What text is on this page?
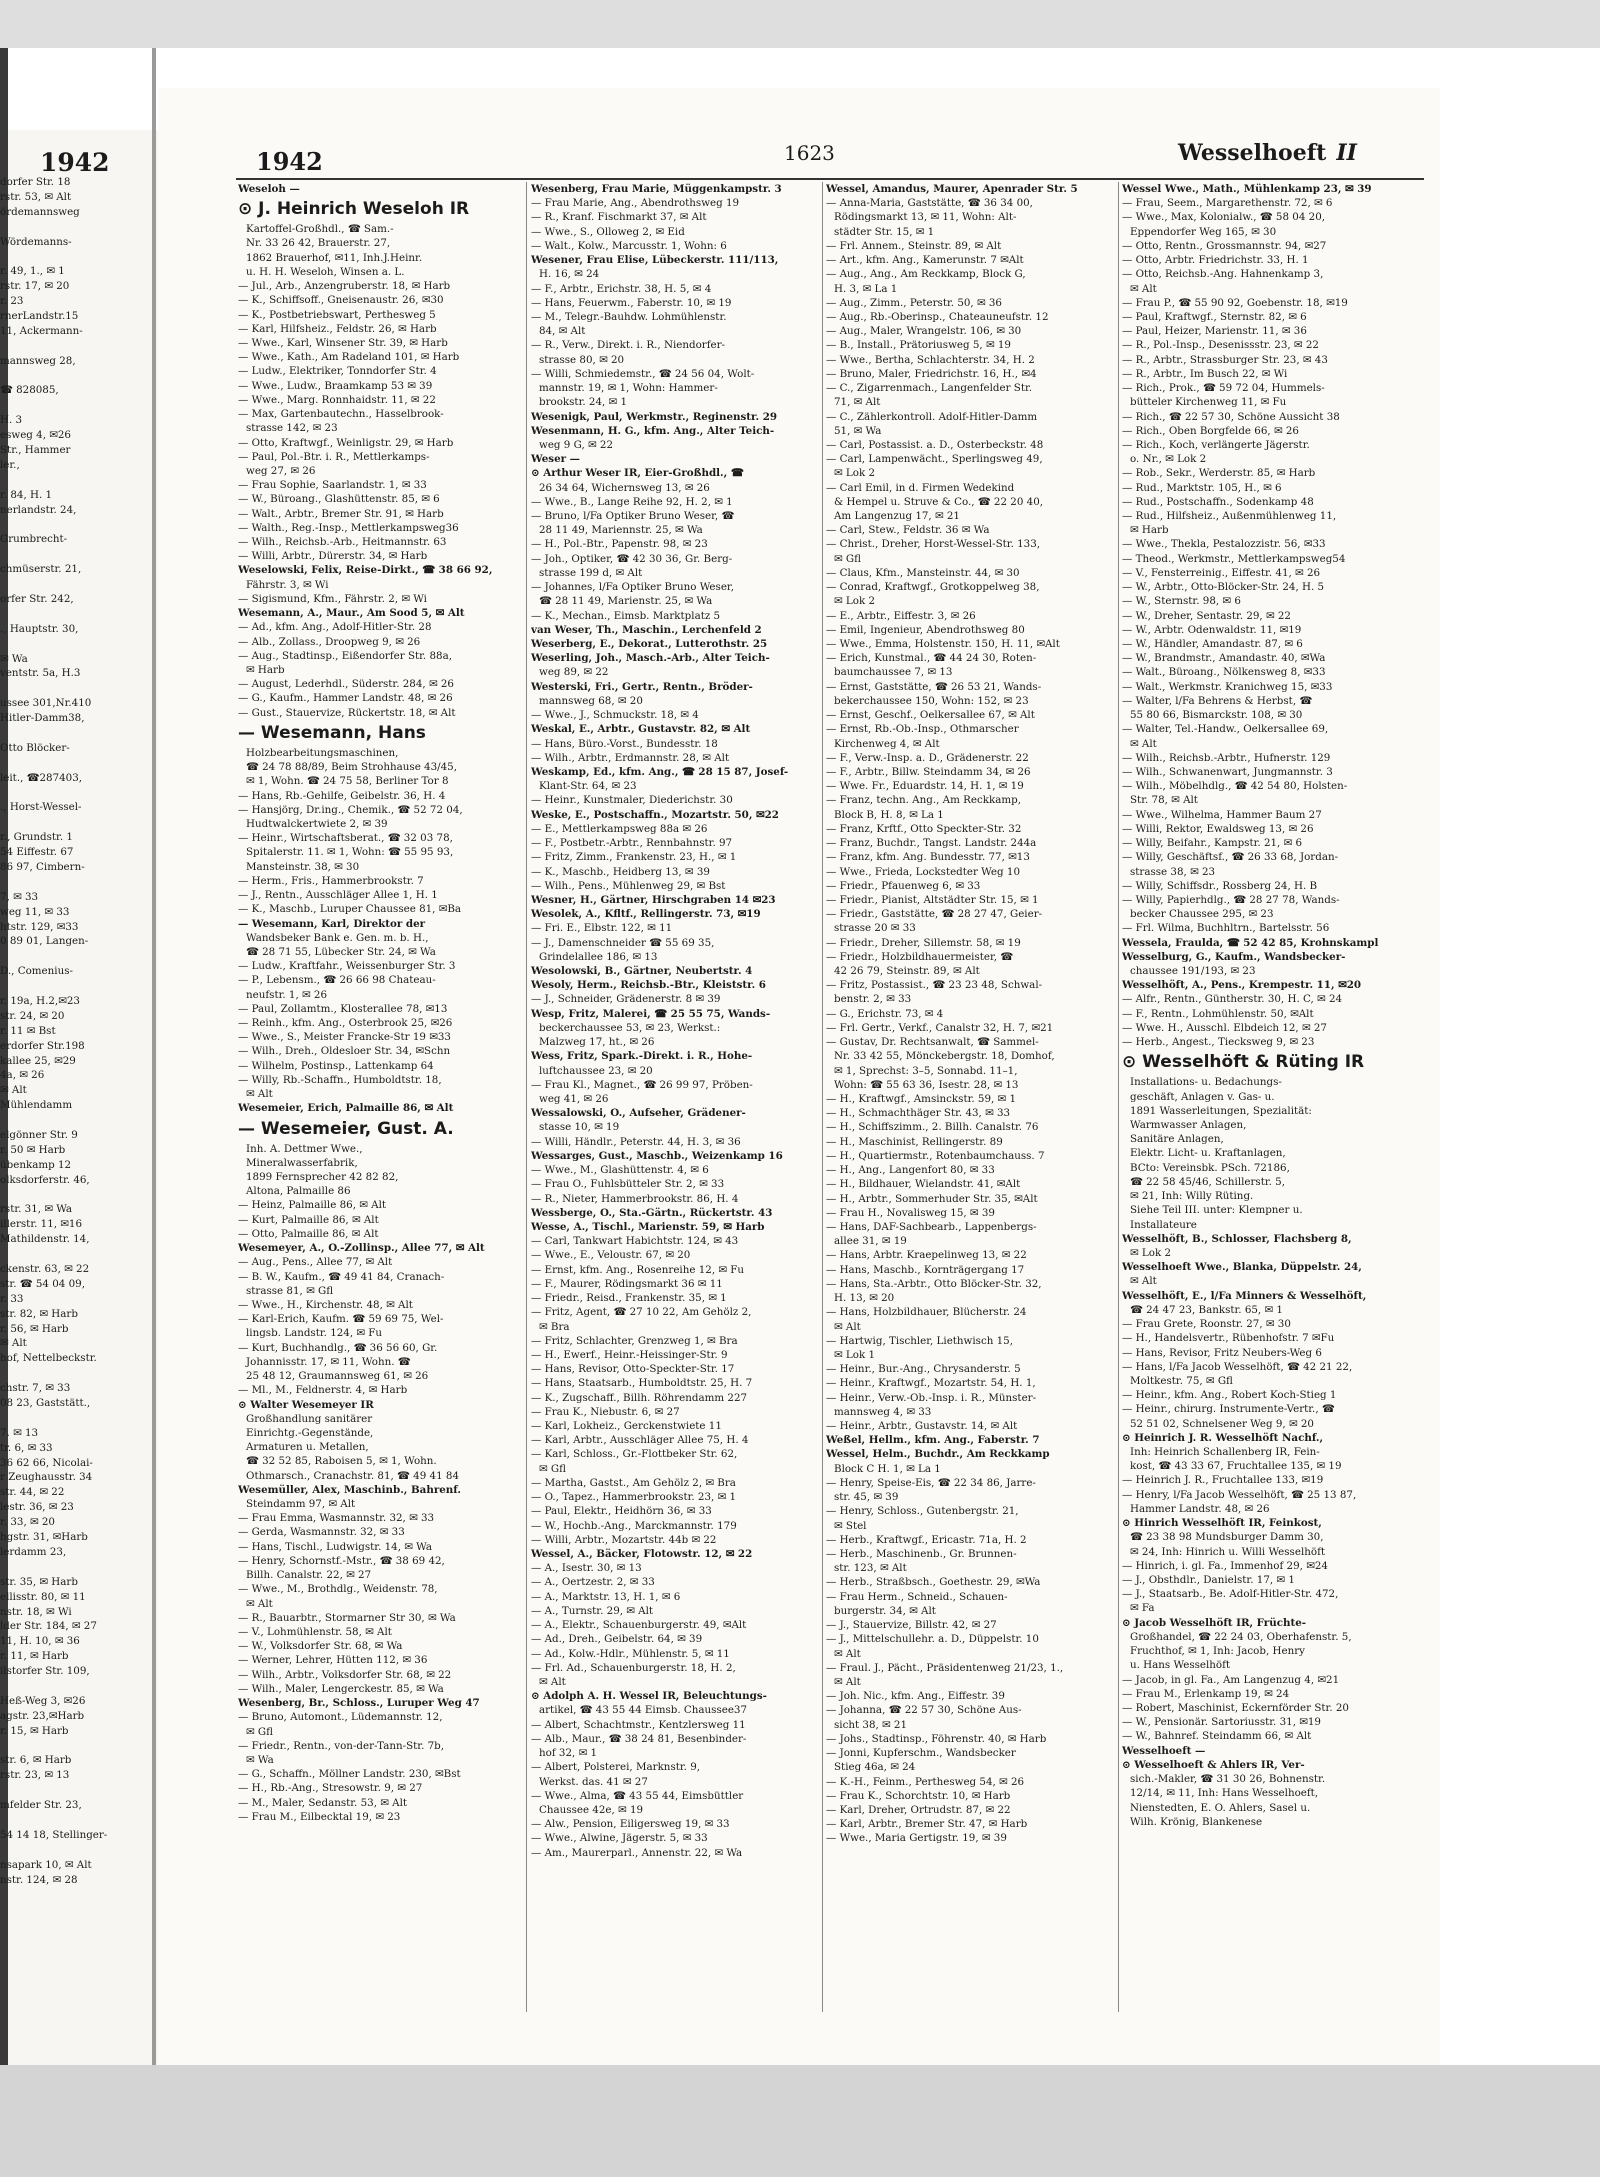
1942
dorfer Str. 18
rstr. 53, ✉ Alt
ördemannsweg
Wördemanns-
r. 49, 1., ✉ 1
rstr. 17, ✉ 20
r. 23
rnerLandstr.15
11, Ackermann-
mannsweg 28,
☎ 828085,
H. 3
esweg 4, ✉26
Str., Hammer
ler.,
r. 84, H. 1
nerlandstr. 24,
Grumbrecht-
chmüserstr. 21,
orfer Str. 242,
., Hauptstr. 30,
✉ Wa
ventstr. 5a, H.3
ussee 301,Nr.410
Hitler-Damm38,
Otto Blöcker-
leit., ☎287403,
., Horst-Wessel-
r., Grundstr. 1
54 Eiffestr. 67
86 97, Cimbern-
7, ✉ 33
weg 11, ✉ 33
htstr. 129, ✉33
0 89 01, Langen-
D., Comenius-
r. 19a, H.2,✉23
str. 24, ✉ 20
r. 11 ✉ Bst
erdorfer Str.198
kallee 25, ✉29
4a, ✉ 26
✉ Alt
Mühlendamm
elgönner Str. 9
r. 50 ✉ Harb
übenkamp 12
olksdorferstr. 46,
rstr. 31, ✉ Wa
illerstr. 11, ✉16
Mathildenstr. 14,
ckenstr. 63, ✉ 22
str. ☎ 54 04 09,
r. 33
str. 82, ✉ Harb
r. 56, ✉ Harb
✉ Alt
hof, Nettelbeckstr.
chstr. 7, ✉ 33
08 23, Gaststätt.,
7. ✉ 13
tr. 6, ✉ 33
36 62 66, Nicolai-
r Zeughausstr. 34
str. 44, ✉ 22
lestr. 36, ✉ 23
r. 33, ✉ 20
hgstr. 31, ✉Harb
lerdamm 23,
str. 35, ✉ Harb
ellisstr. 80, ✉ 11
nstr. 18, ✉ Wi
lder Str. 184, ✉ 27
11, H. 10, ✉ 36
r. 11, ✉ Harb
ilstorfer Str. 109,
Heß-Weg 3, ✉26
agstr. 23,✉Harb
r. 15, ✉ Harb
str. 6, ✉ Harb
rstr. 23, ✉ 13
mfelder Str. 23,
54 14 18, Stellinger-
nsapark 10, ✉ Alt
nstr. 124, ✉ 28
1942	1623	Wesselhoeft II
Weseloh —
⊙ J. Heinrich Weseloh IR
Kartoffel-Großhdl., ☎ Sam.-
Nr. 33 26 42, Brauerstr. 27,
1862 Brauerhof, ✉11, Inh.J.Heinr.
u. H. H. Weseloh, Winsen a. L.
— Jul., Arb., Anzengruberstr. 18, ✉ Harb
— K., Schiffsoff., Gneisenaustr. 26, ✉30
— K., Postbetriebswart, Perthesweg 5
— Karl, Hilfsheiz., Feldstr. 26, ✉ Harb
— Wwe., Karl, Winsener Str. 39, ✉ Harb
— Wwe., Kath., Am Radeland 101, ✉ Harb
— Ludw., Elektriker, Tonndorfer Str. 4
— Wwe., Ludw., Braamkamp 53 ✉ 39
— Wwe., Marg. Ronnhaidstr. 11, ✉ 22
— Max, Gartenbautechn., Hasselbrook-
strasse 142, ✉ 23
— Otto, Kraftwgf., Weinligstr. 29, ✉ Harb
— Paul, Pol.-Btr. i. R., Mettlerkamps-
weg 27, ✉ 26
— Frau Sophie, Saarlandstr. 1, ✉ 33
— W., Büroang., Glashüttenstr. 85, ✉ 6
— Walt., Arbtr., Bremer Str. 91, ✉ Harb
— Walth., Reg.-Insp., Mettlerkampsweg36
— Wilh., Reichsb.-Arb., Heitmannstr. 63
— Willi, Arbtr., Dürerstr. 34, ✉ Harb
Weselowski, Felix, Reise-Dirkt., ☎ 38 66 92,
Fährstr. 3, ✉ Wi
— Sigismund, Kfm., Fährstr. 2, ✉ Wi
Wesemann, A., Maur., Am Sood 5, ✉ Alt
— Ad., kfm. Ang., Adolf-Hitler-Str. 28
— Alb., Zollass., Droopweg 9, ✉ 26
— Aug., Stadtinsp., Eißendorfer Str. 88a,
✉ Harb
— August, Lederhdl., Süderstr. 284, ✉ 26
— G., Kaufm., Hammer Landstr. 48, ✉ 26
— Gust., Stauervize, Rückertstr. 18, ✉ Alt
— Wesemann, Hans
Holzbearbeitungsmaschinen,
☎ 24 78 88/89, Beim Strohhause 43/45,
✉ 1, Wohn. ☎ 24 75 58, Berliner Tor 8
— Hans, Rb.-Gehilfe, Geibelstr. 36, H. 4
— Hansjörg, Dr.ing., Chemik., ☎ 52 72 04,
Hudtwalckertwiete 2, ✉ 39
— Heinr., Wirtschaftsberat., ☎ 32 03 78,
Spitalerstr. 11. ✉ 1, Wohn: ☎ 55 95 93,
Mansteinstr. 38, ✉ 30
— Herm., Fris., Hammerbrookstr. 7
— J., Rentn., Ausschläger Allee 1, H. 1
— K., Maschb., Luruper Chaussee 81, ✉Ba
— Wesemann, Karl, Direktor der
Wandsbeker Bank e. Gen. m. b. H.,
☎ 28 71 55, Lübecker Str. 24, ✉ Wa
— Ludw., Kraftfahr., Weissenburger Str. 3
— P., Lebensm., ☎ 26 66 98 Chateau-
neufstr. 1, ✉ 26
— Paul, Zollamtm., Klosterallee 78, ✉13
— Reinh., kfm. Ang., Osterbrook 25, ✉26
— Wwe., S., Meister Francke-Str 19 ✉33
— Wilh., Dreh., Oldesloer Str. 34, ✉Schn
— Wilhelm, Postinsp., Lattenkamp 64
— Willy, Rb.-Schaffn., Humboldtstr. 18,
✉ Alt
Wesemeier, Erich, Palmaille 86, ✉ Alt
— Wesemeier, Gust. A.
Inh. A. Dettmer Wwe.,
Mineralwasserfabrik,
1899 Fernsprecher 42 82 82,
Altona, Palmaille 86
— Heinz, Palmaille 86, ✉ Alt
— Kurt, Palmaille 86, ✉ Alt
— Otto, Palmaille 86, ✉ Alt
Wesemeyer, A., O.-Zollinsp., Allee 77, ✉ Alt
— Aug., Pens., Allee 77, ✉ Alt
— B. W., Kaufm., ☎ 49 41 84, Cranach-
strasse 81, ✉ Gfl
— Wwe., H., Kirchenstr. 48, ✉ Alt
— Karl-Erich, Kaufm. ☎ 59 69 75, Wel-
lingsb. Landstr. 124, ✉ Fu
— Kurt, Buchhandlg., ☎ 36 56 60, Gr.
Johannisstr. 17, ✉ 11, Wohn. ☎
25 48 12, Graumannsweg 61, ✉ 26
— Ml., M., Feldnerstr. 4, ✉ Harb
⊙ Walter Wesemeyer IR
Großhandlung sanitärer
Einrichtg.-Gegenstände,
Armaturen u. Metallen,
☎ 32 52 85, Raboisen 5, ✉ 1, Wohn.
Othmarsch., Cranachstr. 81, ☎ 49 41 84
Wesemüller, Alex, Maschinb., Bahrenf.
Steindamm 97, ✉ Alt
— Frau Emma, Wasmannstr. 32, ✉ 33
— Gerda, Wasmannstr. 32, ✉ 33
— Hans, Tischl., Ludwigstr. 14, ✉ Wa
— Henry, Schornstf.-Mstr., ☎ 38 69 42,
Billh. Canalstr. 22, ✉ 27
— Wwe., M., Brothdlg., Weidenstr. 78,
✉ Alt
— R., Bauarbtr., Stormarner Str 30, ✉ Wa
— V., Lohmühlenstr. 58, ✉ Alt
— W., Volksdorfer Str. 68, ✉ Wa
— Werner, Lehrer, Hütten 112, ✉ 36
— Wilh., Arbtr., Volksdorfer Str. 68, ✉ 22
— Wilh., Maler, Lengerckestr. 85, ✉ Wa
Wesenberg, Br., Schloss., Luruper Weg 47
— Bruno, Automont., Lüdemannstr. 12,
✉ Gfl
— Friedr., Rentn., von-der-Tann-Str. 7b,
✉ Wa
— G., Schaffn., Möllner Landstr. 230, ✉Bst
— H., Rb.-Ang., Stresowstr. 9, ✉ 27
— M., Maler, Sedanstr. 53, ✉ Alt
— Frau M., Eilbecktal 19, ✉ 23
Wesenberg, Frau Marie, Müggenkampstr. 3
— Frau Marie, Ang., Abendrothsweg 19
— R., Kranf. Fischmarkt 37, ✉ Alt
— Wwe., S., Olloweg 2, ✉ Eid
— Walt., Kolw., Marcusstr. 1, Wohn: 6
Wesener, Frau Elise, Lübeckerstr. 111/113,
H. 16, ✉ 24
— F., Arbtr., Erichstr. 38, H. 5, ✉ 4
— Hans, Feuerwm., Faberstr. 10, ✉ 19
— M., Telegr.-Bauhdw. Lohmühlenstr.
84, ✉ Alt
— R., Verw., Direkt. i. R., Niendorfer-
strasse 80, ✉ 20
— Willi, Schmiedemstr., ☎ 24 56 04, Wolt-
mannstr. 19, ✉ 1, Wohn: Hammer-
brookstr. 24, ✉ 1
Wesenigk, Paul, Werkmstr., Reginenstr. 29
Wesenmann, H. G., kfm. Ang., Alter Teich-
weg 9 G, ✉ 22
Weser —
⊙ Arthur Weser IR, Eier-Großhdl., ☎
26 34 64, Wichernsweg 13, ✉ 26
— Wwe., B., Lange Reihe 92, H. 2, ✉ 1
— Bruno, l/Fa Optiker Bruno Weser, ☎
28 11 49, Mariennstr. 25, ✉ Wa
— H., Pol.-Btr., Papenstr. 98, ✉ 23
— Joh., Optiker, ☎ 42 30 36, Gr. Berg-
strasse 199 d, ✉ Alt
— Johannes, l/Fa Optiker Bruno Weser,
☎ 28 11 49, Marienstr. 25, ✉ Wa
— K., Mechan., Eimsb. Marktplatz 5
van Weser, Th., Maschin., Lerchenfeld 2
Weserberg, E., Dekorat., Lutterothstr. 25
Weserling, Joh., Masch.-Arb., Alter Teich-
weg 89, ✉ 22
Westerski, Fri., Gertr., Rentn., Bröder-
mannsweg 68, ✉ 20
— Wwe., J., Schmuckstr. 18, ✉ 4
Weskal, E., Arbtr., Gustavstr. 82, ✉ Alt
— Hans, Büro.-Vorst., Bundesstr. 18
— Wilh., Arbtr., Erdmannstr. 28, ✉ Alt
Weskamp, Ed., kfm. Ang., ☎ 28 15 87, Josef-
Klant-Str. 64, ✉ 23
— Heinr., Kunstmaler, Diederichstr. 30
Weske, E., Postschaffn., Mozartstr. 50, ✉22
— E., Mettlerkampsweg 88a ✉ 26
— F., Postbetr.-Arbtr., Rennbahnstr. 97
— Fritz, Zimm., Frankenstr. 23, H., ✉ 1
— K., Maschb., Heidberg 13, ✉ 39
— Wilh., Pens., Mühlenweg 29, ✉ Bst
Wesner, H., Gärtner, Hirschgraben 14 ✉23
Wesolek, A., Kfltf., Rellingerstr. 73, ✉19
— Fri. E., Elbstr. 122, ✉ 11
— J., Damenschneider ☎ 55 69 35,
Grindelallee 186, ✉ 13
Wesolowski, B., Gärtner, Neubertstr. 4
Wesoly, Herm., Reichsb.-Btr., Kleiststr. 6
— J., Schneider, Grädenerstr. 8 ✉ 39
Wesp, Fritz, Malerei, ☎ 25 55 75, Wands-
beckerchaussee 53, ✉ 23, Werkst.:
Malzweg 17, ht., ✉ 26
Wess, Fritz, Spark.-Direkt. i. R., Hohe-
luftchaussee 23, ✉ 20
— Frau Kl., Magnet., ☎ 26 99 97, Pröben-
weg 41, ✉ 26
Wessalowski, O., Aufseher, Grädener-
stasse 10, ✉ 19
— Willi, Händlr., Peterstr. 44, H. 3, ✉ 36
Wessarges, Gust., Maschb., Weizenkamp 16
— Wwe., M., Glashüttenstr. 4, ✉ 6
— Frau O., Fuhlsbütteler Str. 2, ✉ 33
— R., Nieter, Hammerbrookstr. 86, H. 4
Wessberge, O., Sta.-Gärtn., Rückertstr. 43
Wesse, A., Tischl., Marienstr. 59, ✉ Harb
— Carl, Tankwart Habichtstr. 124, ✉ 43
— Wwe., E., Veloustr. 67, ✉ 20
— Ernst, kfm. Ang., Rosenreihe 12, ✉ Fu
— F., Maurer, Rödingsmarkt 36 ✉ 11
— Friedr., Reisd., Frankenstr. 35, ✉ 1
— Fritz, Agent, ☎ 27 10 22, Am Gehölz 2,
✉ Bra
— Fritz, Schlachter, Grenzweg 1, ✉ Bra
— H., Ewerf., Heinr.-Heissinger-Str. 9
— Hans, Revisor, Otto-Speckter-Str. 17
— Hans, Staatsarb., Humboldtstr. 25, H. 7
— K., Zugschaff., Billh. Röhrendamm 227
— Frau K., Niebustr. 6, ✉ 27
— Karl, Lokheiz., Gerckenstwiete 11
— Karl, Arbtr., Ausschläger Allee 75, H. 4
— Karl, Schloss., Gr.-Flottbeker Str. 62,
✉ Gfl
— Martha, Gastst., Am Gehölz 2, ✉ Bra
— O., Tapez., Hammerbrookstr. 23, ✉ 1
— Paul, Elektr., Heidhörn 36, ✉ 33
— W., Hochb.-Ang., Marckmannstr. 179
— Willi, Arbtr., Mozartstr. 44b ✉ 22
Wessel, A., Bäcker, Flotowstr. 12, ✉ 22
— A., Isestr. 30, ✉ 13
— A., Oertzestr. 2, ✉ 33
— A., Marktstr. 13, H. 1, ✉ 6
— A., Turnstr. 29, ✉ Alt
— A., Elektr., Schauenburgerstr. 49, ✉Alt
— Ad., Dreh., Geibelstr. 64, ✉ 39
— Ad., Kolw.-Hdlr., Mühlenstr. 5, ✉ 11
— Frl. Ad., Schauenburgerstr. 18, H. 2,
✉ Alt
⊙ Adolph A. H. Wessel IR, Beleuchtungs-
artikel, ☎ 43 55 44 Eimsb. Chaussee37
— Albert, Schachtmstr., Kentzlersweg 11
— Alb., Maur., ☎ 38 24 81, Besenbinder-
hof 32, ✉ 1
— Albert, Polsterei, Marknstr. 9,
Werkst. das. 41 ✉ 27
— Wwe., Alma, ☎ 43 55 44, Eimsbüttler
Chaussee 42e, ✉ 19
— Alw., Pension, Eiligersweg 19, ✉ 33
— Wwe., Alwine, Jägerstr. 5, ✉ 33
— Am., Maurerparl., Annenstr. 22, ✉ Wa
Wessel, Amandus, Maurer, Apenrader Str. 5
— Anna-Maria, Gaststätte, ☎ 36 34 00,
Rödingsmarkt 13, ✉ 11, Wohn: Alt-
städter Str. 15, ✉ 1
— Frl. Annem., Steinstr. 89, ✉ Alt
— Art., kfm. Ang., Kamerunstr. 7 ✉Alt
— Aug., Ang., Am Reckkamp, Block G,
H. 3, ✉ La 1
— Aug., Zimm., Peterstr. 50, ✉ 36
— Aug., Rb.-Oberinsp., Chateauneufstr. 12
— Aug., Maler, Wrangelstr. 106, ✉ 30
— B., Install., Prätoriusweg 5, ✉ 19
— Wwe., Bertha, Schlachterstr. 34, H. 2
— Bruno, Maler, Friedrichstr. 16, H., ✉4
— C., Zigarrenmach., Langenfelder Str.
71, ✉ Alt
— C., Zählerkontroll. Adolf-Hitler-Damm
51, ✉ Wa
— Carl, Postassist. a. D., Osterbeckstr. 48
— Carl, Lampenwächt., Sperlingsweg 49,
✉ Lok 2
— Carl Emil, in d. Firmen Wedekind
& Hempel u. Struve & Co., ☎ 22 20 40,
Am Langenzug 17, ✉ 21
— Carl, Stew., Feldstr. 36 ✉ Wa
— Christ., Dreher, Horst-Wessel-Str. 133,
✉ Gfl
— Claus, Kfm., Mansteinstr. 44, ✉ 30
— Conrad, Kraftwgf., Grotkoppelweg 38,
✉ Lok 2
— E., Arbtr., Eiffestr. 3, ✉ 26
— Emil, Ingenieur, Abendrothsweg 80
— Wwe., Emma, Holstenstr. 150, H. 11, ✉Alt
— Erich, Kunstmal., ☎ 44 24 30, Roten-
baumchaussee 7, ✉ 13
— Ernst, Gaststätte, ☎ 26 53 21, Wands-
bekerchaussee 150, Wohn: 152, ✉ 23
— Ernst, Geschf., Oelkersallee 67, ✉ Alt
— Ernst, Rb.-Ob.-Insp., Othmarscher
Kirchenweg 4, ✉ Alt
— F., Verw.-Insp. a. D., Grädenerstr. 22
— F., Arbtr., Billw. Steindamm 34, ✉ 26
— Wwe. Fr., Eduardstr. 14, H. 1, ✉ 19
— Franz, techn. Ang., Am Reckkamp,
Block B, H. 8, ✉ La 1
— Franz, Krftf., Otto Speckter-Str. 32
— Franz, Buchdr., Tangst. Landstr. 244a
— Franz, kfm. Ang. Bundesstr. 77, ✉13
— Wwe., Frieda, Lockstedter Weg 10
— Friedr., Pfauenweg 6, ✉ 33
— Friedr., Pianist, Altstädter Str. 15, ✉ 1
— Friedr., Gaststätte, ☎ 28 27 47, Geier-
strasse 20 ✉ 33
— Friedr., Dreher, Sillemstr. 58, ✉ 19
— Friedr., Holzbildhauermeister, ☎
42 26 79, Steinstr. 89, ✉ Alt
— Fritz, Postassist., ☎ 23 23 48, Schwal-
benstr. 2, ✉ 33
— G., Erichstr. 73, ✉ 4
— Frl. Gertr., Verkf., Canalstr 32, H. 7, ✉21
— Gustav, Dr. Rechtsanwalt, ☎ Sammel-
Nr. 33 42 55, Mönckebergstr. 18, Domhof,
✉ 1, Sprechst: 3–5, Sonnabd. 11–1,
Wohn: ☎ 55 63 36, Isestr. 28, ✉ 13
— H., Kraftwgf., Amsinckstr. 59, ✉ 1
— H., Schmachthäger Str. 43, ✉ 33
— H., Schiffszimm., 2. Billh. Canalstr. 76
— H., Maschinist, Rellingerstr. 89
— H., Quartiermstr., Rotenbaumchauss. 7
— H., Ang., Langenfort 80, ✉ 33
— H., Bildhauer, Wielandstr. 41, ✉Alt
— H., Arbtr., Sommerhuder Str. 35, ✉Alt
— Frau H., Novalisweg 15, ✉ 39
— Hans, DAF-Sachbearb., Lappenbergs-
allee 31, ✉ 19
— Hans, Arbtr. Kraepelinweg 13, ✉ 22
— Hans, Maschb., Kornträgergang 17
— Hans, Sta.-Arbtr., Otto Blöcker-Str. 32,
H. 13, ✉ 20
— Hans, Holzbildhauer, Blücherstr. 24
✉ Alt
— Hartwig, Tischler, Liethwisch 15,
✉ Lok 1
— Heinr., Bur.-Ang., Chrysanderstr. 5
— Heinr., Kraftwgf., Mozartstr. 54, H. 1,
— Heinr., Verw.-Ob.-Insp. i. R., Münster-
mannsweg 4, ✉ 33
— Heinr., Arbtr., Gustavstr. 14, ✉ Alt
Weßel, Hellm., kfm. Ang., Faberstr. 7
Wessel, Helm., Buchdr., Am Reckkamp
Block C H. 1, ✉ La 1
— Henry, Speise-Eis, ☎ 22 34 86, Jarre-
str. 45, ✉ 39
— Henry, Schloss., Gutenbergstr. 21,
✉ Stel
— Herb., Kraftwgf., Ericastr. 71a, H. 2
— Herb., Maschinenb., Gr. Brunnen-
str. 123, ✉ Alt
— Herb., Straßbsch., Goethestr. 29, ✉Wa
— Frau Herm., Schneid., Schauen-
burgerstr. 34, ✉ Alt
— J., Stauervize, Billstr. 42, ✉ 27
— J., Mittelschullehr. a. D., Düppelstr. 10
✉ Alt
— Fraul. J., Pächt., Präsidentenweg 21/23, 1.,
✉ Alt
— Joh. Nic., kfm. Ang., Eiffestr. 39
— Johanna, ☎ 22 57 30, Schöne Aus-
sicht 38, ✉ 21
— Johs., Stadtinsp., Föhrenstr. 40, ✉ Harb
— Jonni, Kupferschm., Wandsbecker
Stieg 46a, ✉ 24
— K.-H., Feinm., Perthesweg 54, ✉ 26
— Frau K., Schorchtstr. 10, ✉ Harb
— Karl, Dreher, Ortrudstr. 87, ✉ 22
— Karl, Arbtr., Bremer Str. 47, ✉ Harb
— Wwe., Maria Gertigstr. 19, ✉ 39
Wessel Wwe., Math., Mühlenkamp 23, ✉ 39
— Frau, Seem., Margarethenstr. 72, ✉ 6
— Wwe., Max, Kolonialw., ☎ 58 04 20,
Eppendorfer Weg 165, ✉ 30
— Otto, Rentn., Grossmannstr. 94, ✉27
— Otto, Arbtr. Friedrichstr. 33, H. 1
— Otto, Reichsb.-Ang. Hahnenkamp 3,
✉ Alt
— Frau P., ☎ 55 90 92, Goebenstr. 18, ✉19
— Paul, Kraftwgf., Sternstr. 82, ✉ 6
— Paul, Heizer, Marienstr. 11, ✉ 36
— R., Pol.-Insp., Desenissstr. 23, ✉ 22
— R., Arbtr., Strassburger Str. 23, ✉ 43
— R., Arbtr., Im Busch 22, ✉ Wi
— Rich., Prok., ☎ 59 72 04, Hummels-
bütteler Kirchenweg 11, ✉ Fu
— Rich., ☎ 22 57 30, Schöne Aussicht 38
— Rich., Oben Borgfelde 66, ✉ 26
— Rich., Koch, verlängerte Jägerstr.
o. Nr., ✉ Lok 2
— Rob., Sekr., Werderstr. 85, ✉ Harb
— Rud., Marktstr. 105, H., ✉ 6
— Rud., Postschaffn., Sodenkamp 48
— Rud., Hilfsheiz., Außenmühlenweg 11,
✉ Harb
— Wwe., Thekla, Pestalozzistr. 56, ✉33
— Theod., Werkmstr., Mettlerkampsweg54
— V., Fensterreinig., Eiffestr. 41, ✉ 26
— W., Arbtr., Otto-Blöcker-Str. 24, H. 5
— W., Sternstr. 98, ✉ 6
— W., Dreher, Sentastr. 29, ✉ 22
— W., Arbtr. Odenwaldstr. 11, ✉19
— W., Händler, Amandastr. 87, ✉ 6
— W., Brandmstr., Amandastr. 40, ✉Wa
— Walt., Büroang., Nölkensweg 8, ✉33
— Walt., Werkmstr. Kranichweg 15, ✉33
— Walter, l/Fa Behrens & Herbst, ☎
55 80 66, Bismarckstr. 108, ✉ 30
— Walter, Tel.-Handw., Oelkersallee 69,
✉ Alt
— Wilh., Reichsb.-Arbtr., Hufnerstr. 129
— Wilh., Schwanenwart, Jungmannstr. 3
— Wilh., Möbelhdlg., ☎ 42 54 80, Holsten-
Str. 78, ✉ Alt
— Wwe., Wilhelma, Hammer Baum 27
— Willi, Rektor, Ewaldsweg 13, ✉ 26
— Willy, Beifahr., Kampstr. 21, ✉ 6
— Willy, Geschäftsf., ☎ 26 33 68, Jordan-
strasse 38, ✉ 23
— Willy, Schiffsdr., Rossberg 24, H. B
— Willy, Papierhdlg., ☎ 28 27 78, Wands-
becker Chaussee 295, ✉ 23
— Frl. Wilma, Buchhltrn., Bartelsstr. 56
Wessela, Fraulda, ☎ 52 42 85, Krohnskampl
Wesselburg, G., Kaufm., Wandsbecker-
chaussee 191/193, ✉ 23
Wesselhöft, A., Pens., Krempestr. 11, ✉20
— Alfr., Rentn., Güntherstr. 30, H. C, ✉ 24
— F., Rentn., Lohmühlenstr. 50, ✉Alt
— Wwe. H., Ausschl. Elbdeich 12, ✉ 27
— Herb., Angest., Tiecksweg 9, ✉ 23
⊙ Wesselhöft & Rüting IR
Installations- u. Bedachungs-
geschäft, Anlagen v. Gas- u.
1891 Wasserleitungen, Spezialität:
Warmwasser Anlagen,
Sanitäre Anlagen,
Elektr. Licht- u. Kraftanlagen,
BCto: Vereinsbk. PSch. 72186,
☎ 22 58 45/46, Schillerstr. 5,
✉ 21, Inh: Willy Rüting.
Siehe Teil III. unter: Klempner u.
Installateure
Wesselhöft, B., Schlosser, Flachsberg 8,
✉ Lok 2
Wesselhoeft Wwe., Blanka, Düppelstr. 24,
✉ Alt
Wesselhöft, E., l/Fa Minners & Wesselhöft,
☎ 24 47 23, Bankstr. 65, ✉ 1
— Frau Grete, Roonstr. 27, ✉ 30
— H., Handelsvertr., Rübenhofstr. 7 ✉Fu
— Hans, Revisor, Fritz Neubers-Weg 6
— Hans, l/Fa Jacob Wesselhöft, ☎ 42 21 22,
Moltkestr. 75, ✉ Gfl
— Heinr., kfm. Ang., Robert Koch-Stieg 1
— Heinr., chirurg. Instrumente-Vertr., ☎
52 51 02, Schnelsener Weg 9, ✉ 20
⊙ Heinrich J. R. Wesselhöft Nachf.,
Inh: Heinrich Schallenberg IR, Fein-
kost, ☎ 43 33 67, Fruchtallee 135, ✉ 19
— Heinrich J. R., Fruchtallee 133, ✉19
— Henry, l/Fa Jacob Wesselhöft, ☎ 25 13 87,
Hammer Landstr. 48, ✉ 26
⊙ Hinrich Wesselhöft IR, Feinkost,
☎ 23 38 98 Mundsburger Damm 30,
✉ 24, Inh: Hinrich u. Willi Wesselhöft
— Hinrich, i. gl. Fa., Immenhof 29, ✉24
— J., Obsthdlr., Danielstr. 17, ✉ 1
— J., Staatsarb., Be. Adolf-Hitler-Str. 472,
✉ Fa
⊙ Jacob Wesselhöft IR, Früchte-
Großhandel, ☎ 22 24 03, Oberhafenstr. 5,
Fruchthof, ✉ 1, Inh: Jacob, Henry
u. Hans Wesselhöft
— Jacob, in gl. Fa., Am Langenzug 4, ✉21
— Frau M., Erlenkamp 19, ✉ 24
— Robert, Maschinist, Eckernförder Str. 20
— W., Pensionär. Sartoriusstr. 31, ✉19
— W., Bahnref. Steindamm 66, ✉ Alt
Wesselhoeft —
⊙ Wesselhoeft & Ahlers IR, Ver-
sich.-Makler, ☎ 31 30 26, Bohnenstr.
12/14, ✉ 11, Inh: Hans Wesselhoeft,
Nienstedten, E. O. Ahlers, Sasel u.
Wilh. Krönig, Blankenese
